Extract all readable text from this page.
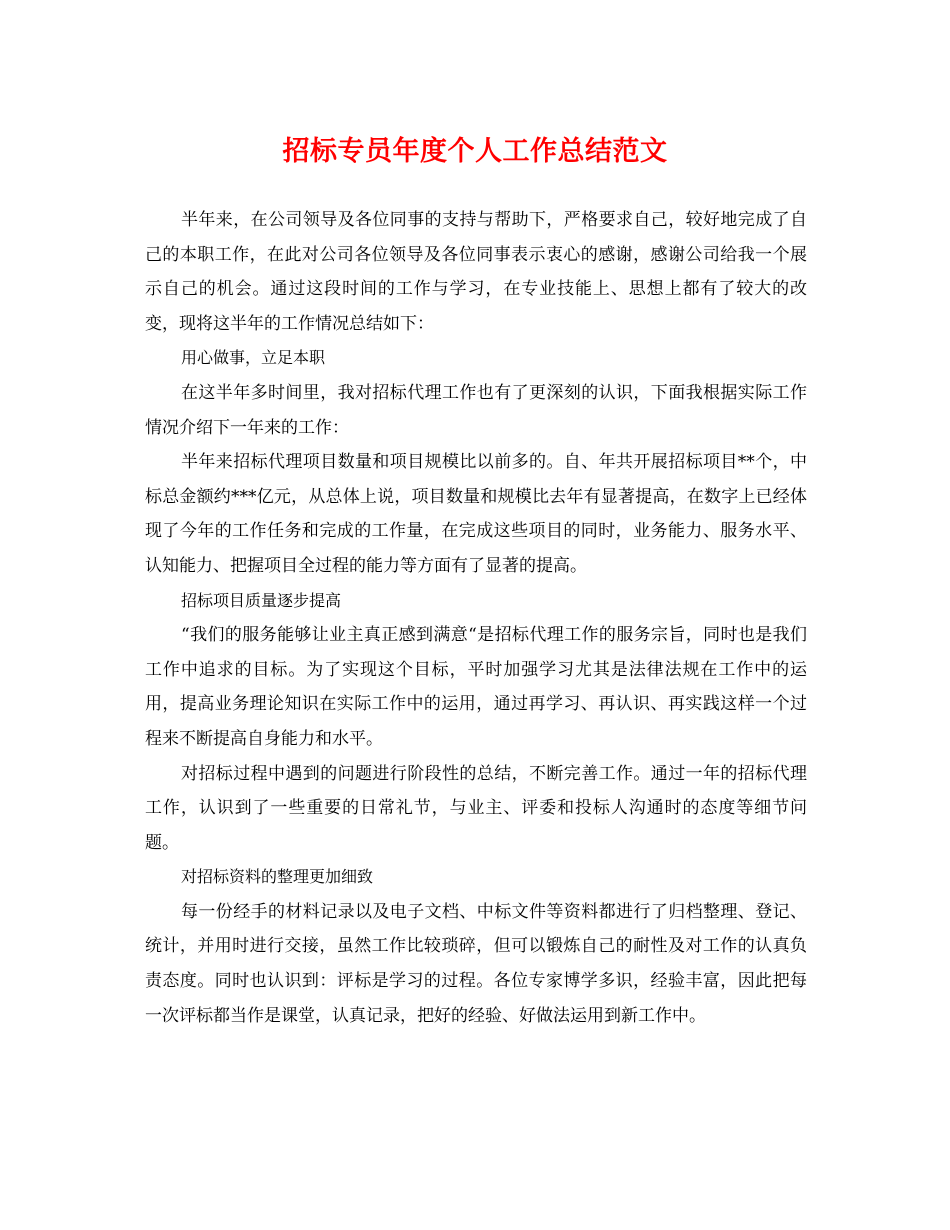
招标专员年度个人工作总结范文

半年来，在公司领导及各位同事的支持与帮助下，严格要求自己，较好地完成了自己的本职工作，在此对公司各位领导及各位同事表示衷心的感谢，感谢公司给我一个展示自己的机会。通过这段时间的工作与学习，在专业技能上、思想上都有了较大的改变，现将这半年的工作情况总结如下：

用心做事，立足本职

在这半年多时间里，我对招标代理工作也有了更深刻的认识，下面我根据实际工作情况介绍下一年来的工作：

半年来招标代理项目数量和项目规模比以前多的。自、年共开展招标项目**个，中标总金额约***亿元，从总体上说，项目数量和规模比去年有显著提高，在数字上已经体现了今年的工作任务和完成的工作量，在完成这些项目的同时，业务能力、服务水平、认知能力、把握项目全过程的能力等方面有了显著的提高。

招标项目质量逐步提高

“我们的服务能够让业主真正感到满意“是招标代理工作的服务宗旨，同时也是我们工作中追求的目标。为了实现这个目标，平时加强学习尤其是法律法规在工作中的运用，提高业务理论知识在实际工作中的运用，通过再学习、再认识、再实践这样一个过程来不断提高自身能力和水平。

对招标过程中遇到的问题进行阶段性的总结，不断完善工作。通过一年的招标代理工作，认识到了一些重要的日常礼节，与业主、评委和投标人沟通时的态度等细节问题。

对招标资料的整理更加细致

每一份经手的材料记录以及电子文档、中标文件等资料都进行了归档整理、登记、统计，并用时进行交接，虽然工作比较琐碎，但可以锻炼自己的耐性及对工作的认真负责态度。同时也认识到：评标是学习的过程。各位专家博学多识，经验丰富，因此把每一次评标都当作是课堂，认真记录，把好的经验、好做法运用到新工作中。
